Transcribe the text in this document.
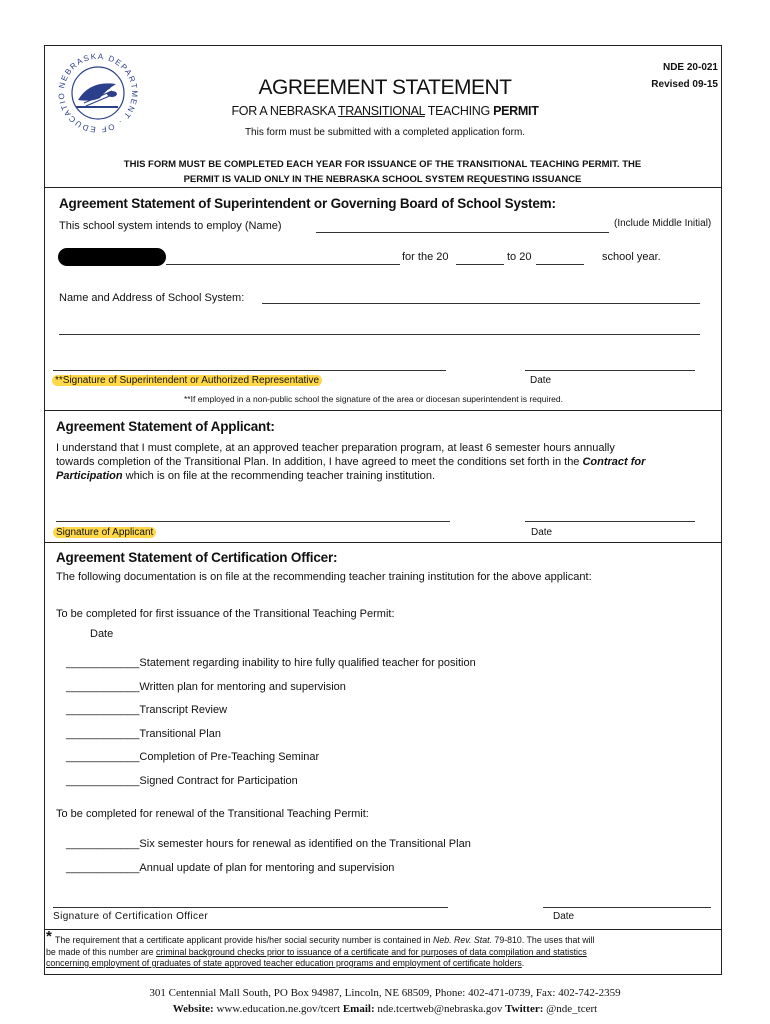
NEBRASKA DEPARTMENT · OF EDUCATIO
NDE 20-021
Revised 09-15
AGREEMENT STATEMENT
FOR A NEBRASKA TRANSITIONAL TEACHING PERMIT
This form must be submitted with a completed application form.
THIS FORM MUST BE COMPLETED EACH YEAR FOR ISSUANCE OF THE TRANSITIONAL TEACHING PERMIT. THE
PERMIT IS VALID ONLY IN THE NEBRASKA SCHOOL SYSTEM REQUESTING ISSUANCE
Agreement Statement of Superintendent or Governing Board of School System:
This school system intends to employ (Name)	(Include Middle Initial)
for the 20	to 20	school year.
Name and Address of School System:
**Signature of Superintendent or Authorized Representative	Date
**If employed in a non-public school the signature of the area or diocesan superintendent is required.
Agreement Statement of Applicant:
I understand that I must complete, at an approved teacher preparation program, at least 6 semester hours annually
towards completion of the Transitional Plan. In addition, I have agreed to meet the conditions set forth in the Contract for
Participation which is on file at the recommending teacher training institution.
Signature of Applicant	Date
Agreement Statement of Certification Officer:
The following documentation is on file at the recommending teacher training institution for the above applicant:
To be completed for first issuance of the Transitional Teaching Permit:
Date
____________Statement regarding inability to hire fully qualified teacher for position
____________Written plan for mentoring and supervision
____________Transcript Review
____________Transitional Plan
____________Completion of Pre-Teaching Seminar
____________Signed Contract for Participation
To be completed for renewal of the Transitional Teaching Permit:
____________Six semester hours for renewal as identified on the Transitional Plan
____________Annual update of plan for mentoring and supervision
Signature of Certification Officer	Date
* The requirement that a certificate applicant provide his/her social security number is contained in Neb. Rev. Stat. 79-810. The uses that will
be made of this number are criminal background checks prior to issuance of a certificate and for purposes of data compilation and statistics
concerning employment of graduates of state approved teacher education programs and employment of certificate holders.
301 Centennial Mall South, PO Box 94987, Lincoln, NE 68509, Phone: 402-471-0739, Fax: 402-742-2359
Website: www.education.ne.gov/tcert Email: nde.tcertweb@nebraska.gov Twitter: @nde_tcert
